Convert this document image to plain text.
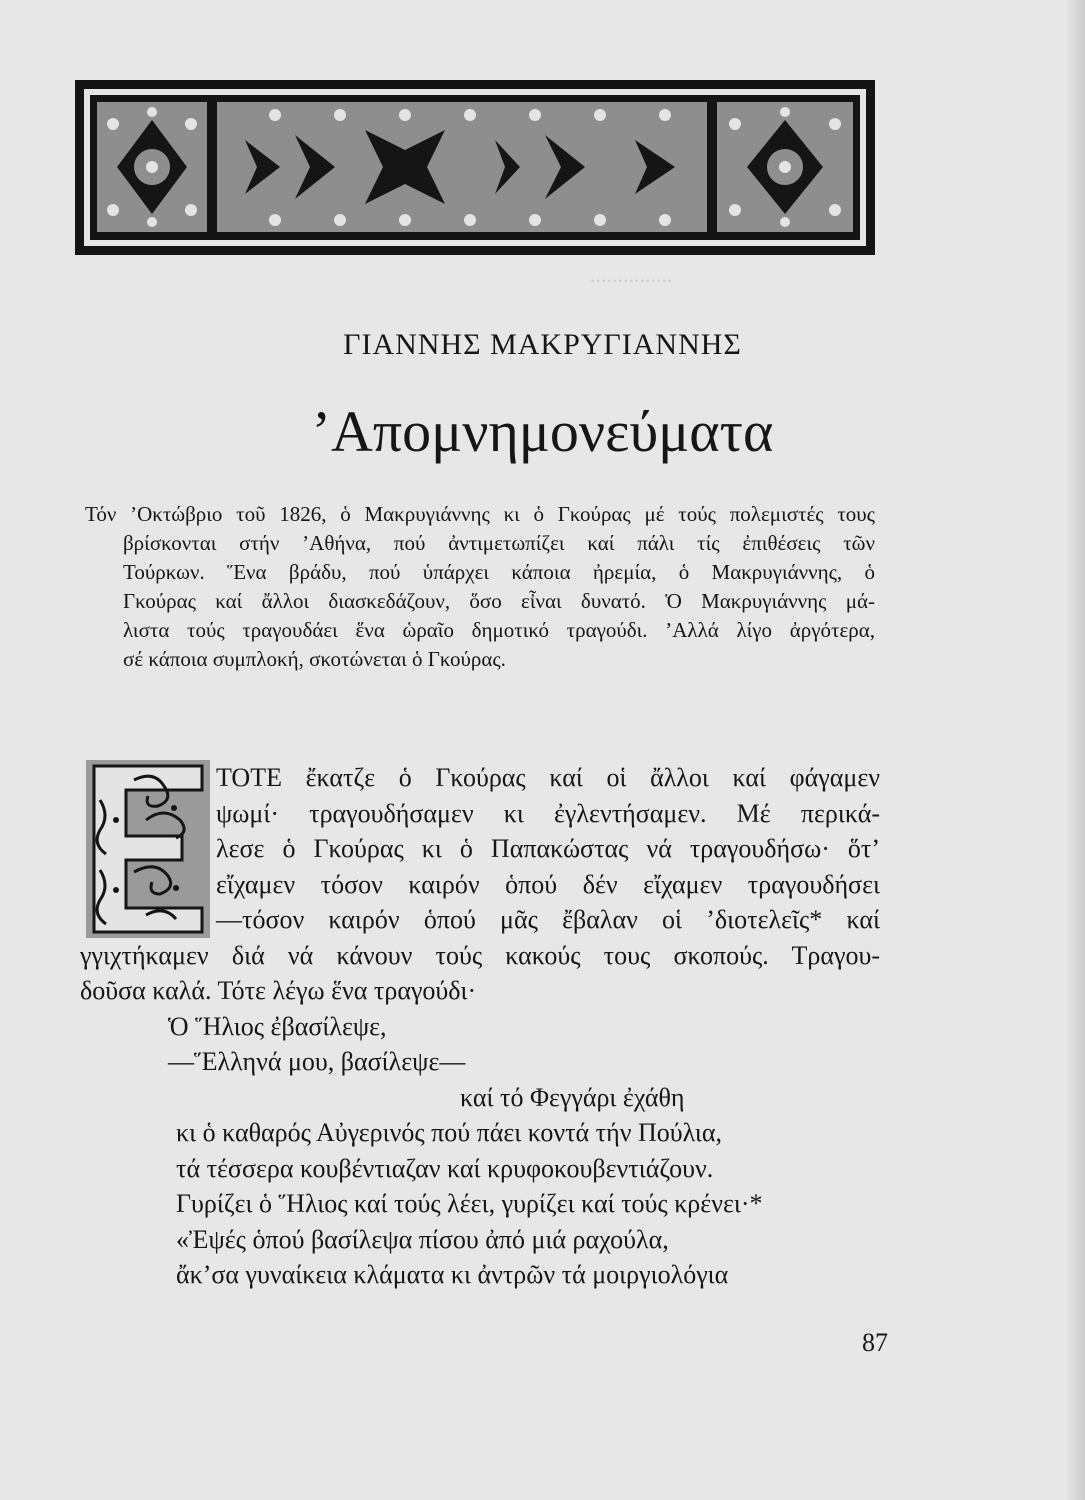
...............
ΓΙΑΝΝΗΣ ΜΑΚΡΥΓΙΑΝΝΗΣ
’Απομνημονεύματα
Τόν ’Οκτώβριο τοῦ 1826, ὁ Μακρυγιάννης κι ὁ Γκούρας μέ τούς πολεμιστές τους
βρίσκονται στήν ’Αθήνα, πού ἀντιμετωπίζει καί πάλι τίς ἐπιθέσεις τῶν
Τούρκων. Ἕνα βράδυ, πού ὑπάρχει κάποια ἠρεμία, ὁ Μακρυγιάννης, ὁ
Γκούρας καί ἄλλοι διασκεδάζουν, ὅσο εἶναι δυνατό. Ὁ Μακρυγιάννης μά-
λιστα τούς τραγουδάει ἕνα ὡραῖο δημοτικό τραγούδι. ’Αλλά λίγο ἀργότερα,
σέ κάποια συμπλοκή, σκοτώνεται ὁ Γκούρας.
ΤΟΤΕ ἔκατζε ὁ Γκούρας καί οἱ ἄλλοι καί φάγαμεν
ψωμί· τραγουδήσαμεν κι ἐγλεντήσαμεν. Μέ περικά-
λεσε ὁ Γκούρας κι ὁ Παπακώστας νά τραγουδήσω· ὅτ’
εἴχαμεν τόσον καιρόν ὁπού δέν εἴχαμεν τραγουδήσει
—τόσον καιρόν ὁπού μᾶς ἔβαλαν οἱ ’διοτελεῖς* καί
γγιχτήκαμεν διά νά κάνουν τούς κακούς τους σκοπούς. Τραγου-
δοῦσα καλά. Τότε λέγω ἕνα τραγούδι·
Ὁ Ἥλιος ἐβασίλεψε,
—Ἕλληνά μου, βασίλεψε—
καί τό Φεγγάρι ἐχάθη
κι ὁ καθαρός Αὐγερινός πού πάει κοντά τήν Πούλια,
τά τέσσερα κουβέντιαζαν καί κρυφοκουβεντιάζουν.
Γυρίζει ὁ Ἥλιος καί τούς λέει, γυρίζει καί τούς κρένει·*
«Ἐψές ὁπού βασίλεψα πίσου ἀπό μιά ραχούλα,
ἄκ’σα γυναίκεια κλάματα κι ἀντρῶν τά μοιργιολόγια
87
